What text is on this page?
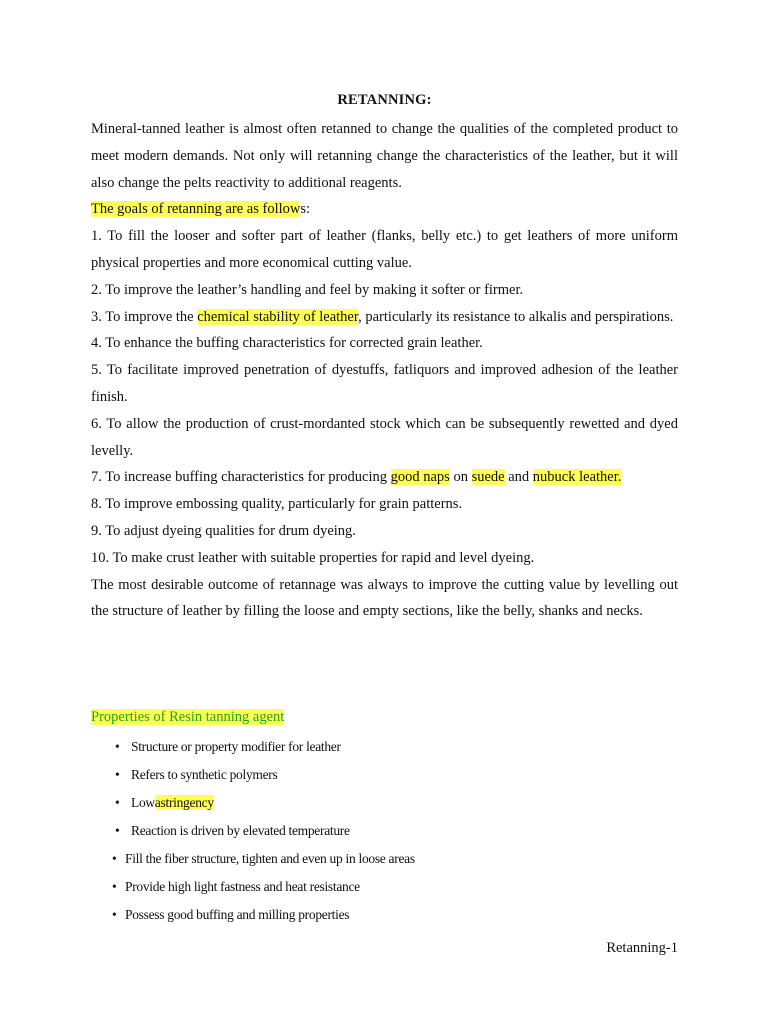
RETANNING:

Mineral-tanned leather is almost often retanned to change the qualities of the completed product to meet modern demands. Not only will retanning change the characteristics of the leather, but it will also change the pelts reactivity to additional reagents.

The goals of retanning are as follows:

1. To fill the looser and softer part of leather (flanks, belly etc.) to get leathers of more uniform physical properties and more economical cutting value.

2. To improve the leather’s handling and feel by making it softer or firmer.

3. To improve the chemical stability of leather, particularly its resistance to alkalis and perspirations.

4. To enhance the buffing characteristics for corrected grain leather.

5. To facilitate improved penetration of dyestuffs, fatliquors and improved adhesion of the leather finish.

6. To allow the production of crust-mordanted stock which can be subsequently rewetted and dyed levelly.

7. To increase buffing characteristics for producing good naps on suede and nubuck leather.

8. To improve embossing quality, particularly for grain patterns.

9. To adjust dyeing qualities for drum dyeing.

10. To make crust leather with suitable properties for rapid and level dyeing.

The most desirable outcome of retannage was always to improve the cutting value by levelling out the structure of leather by filling the loose and empty sections, like the belly, shanks and necks.

Properties of Resin tanning agent

• Structure or property modifier for leather
• Refers to synthetic polymers
• Lowastringency
• Reaction is driven by elevated temperature
• Fill the fiber structure, tighten and even up in loose areas
• Provide high light fastness and heat resistance
• Possess good buffing and milling properties
Retanning-1
